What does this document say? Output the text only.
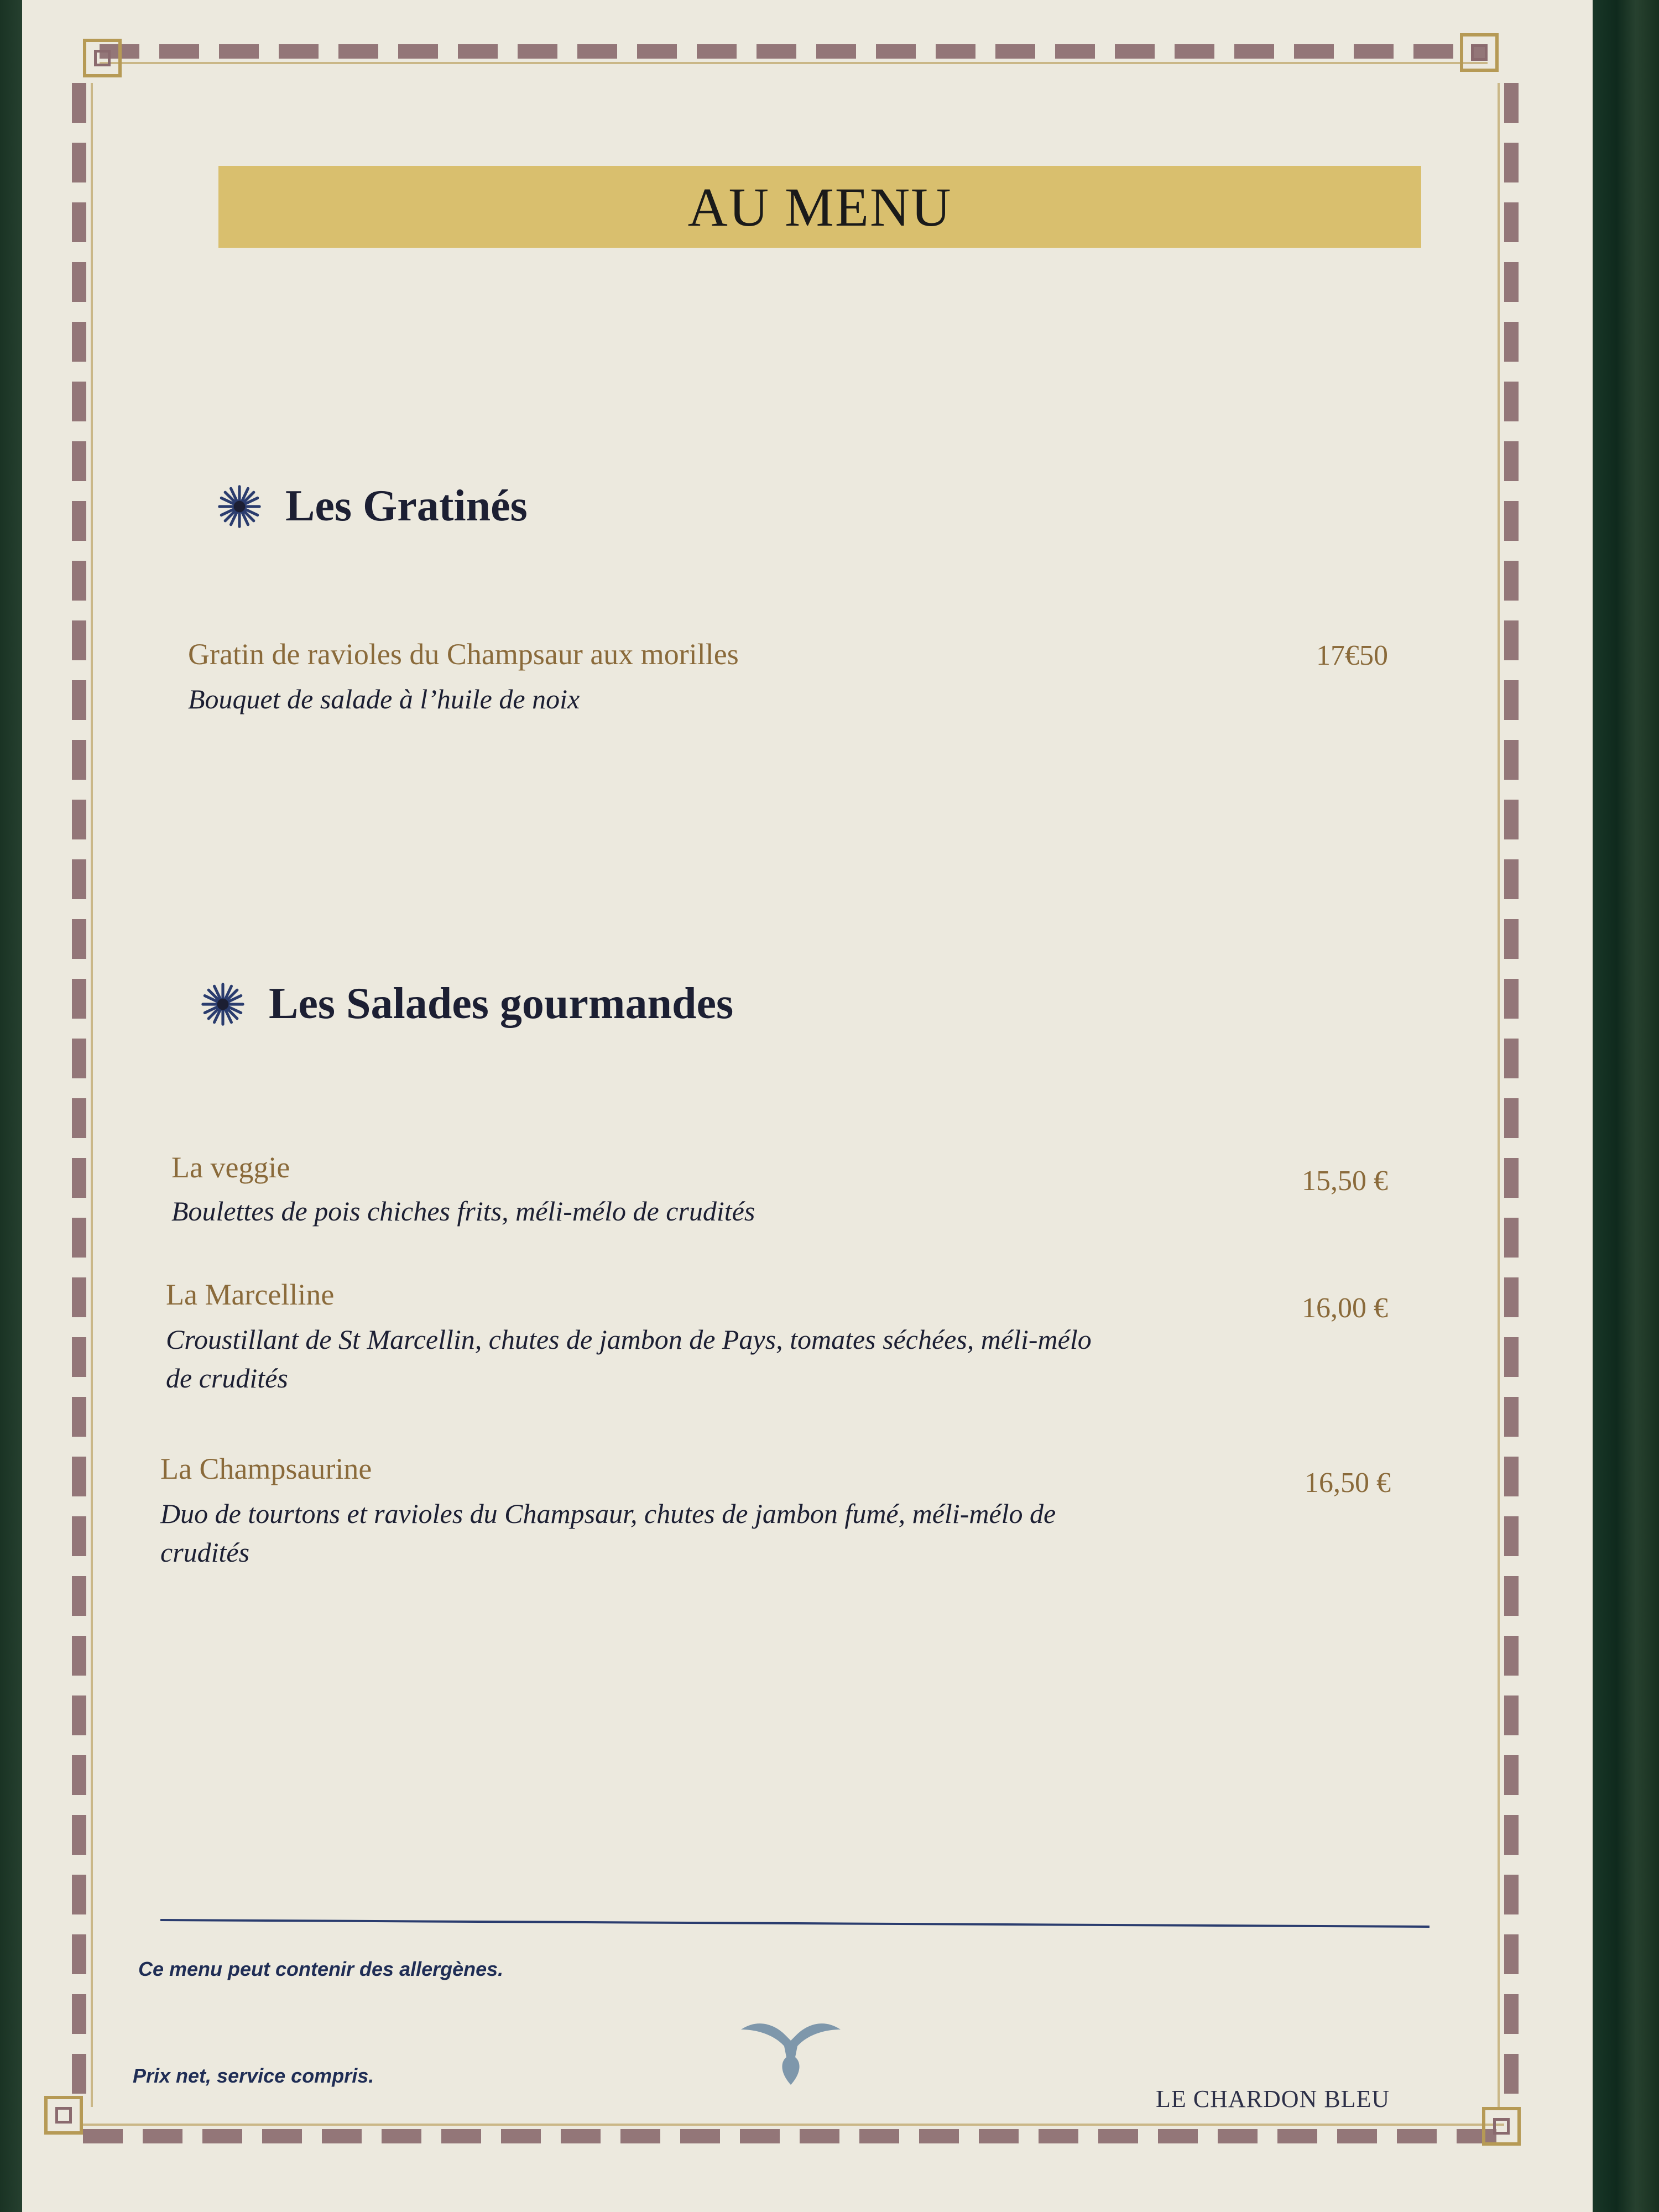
AU MENU
Les Gratinés
Gratin de ravioles du Champsaur aux morilles
Bouquet de salade à l’huile de noix
17€50
Les Salades gourmandes
La veggie
Boulettes de pois chiches frits, méli-mélo de crudités
15,50 €
La Marcelline
Croustillant de St Marcellin, chutes de jambon de Pays, tomates séchées, méli-mélo
de crudités
16,00 €
La Champsaurine
Duo de tourtons et ravioles du Champsaur, chutes de jambon fumé, méli-mélo de
crudités
16,50 €
Ce menu peut contenir des allergènes.
Prix net, service compris.
LE CHARDON BLEU
